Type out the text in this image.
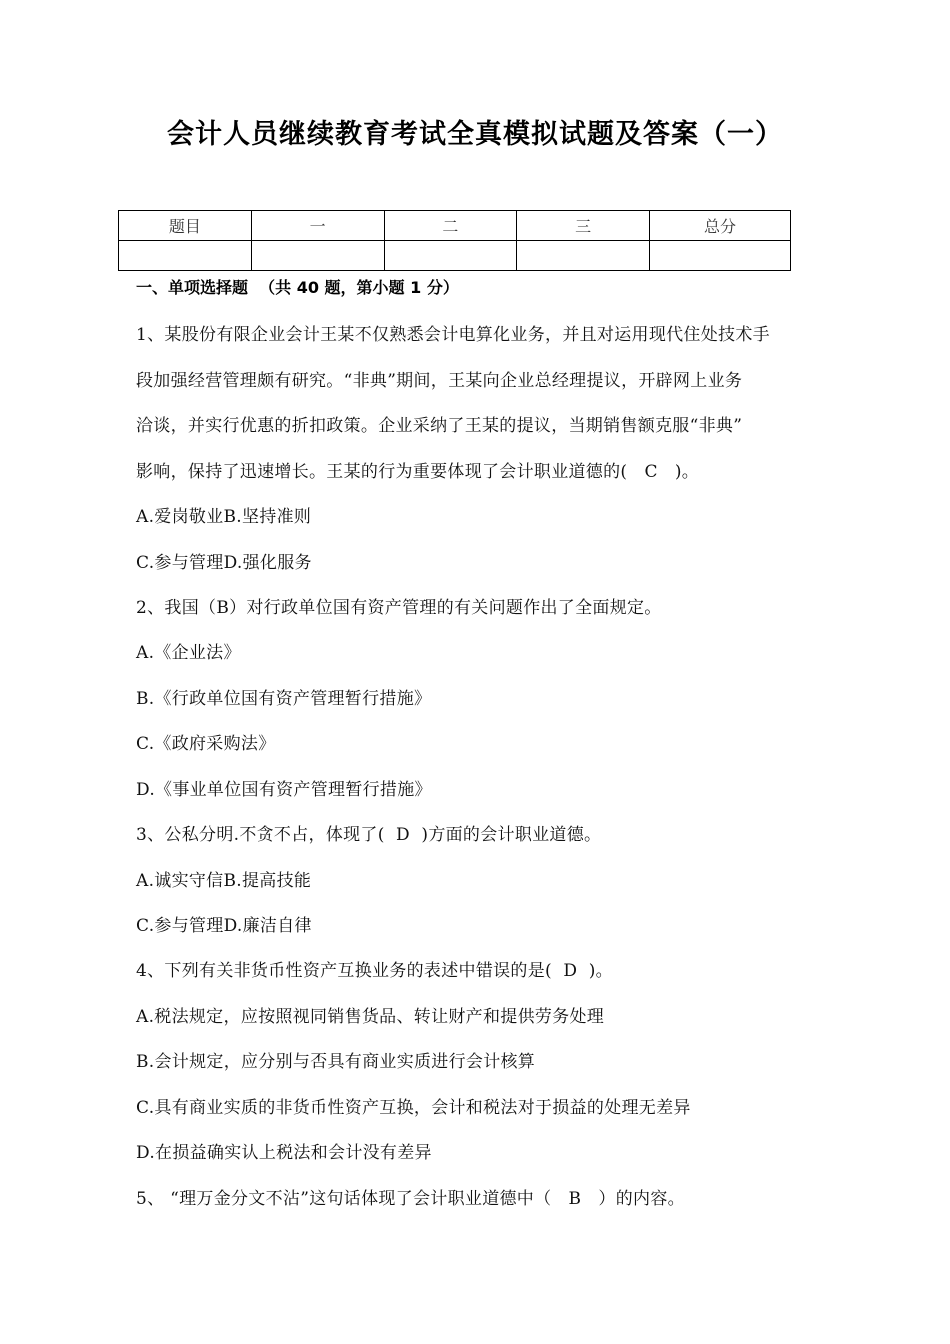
会计人员继续教育考试全真模拟试题及答案（一）
题目	一	二	三	总分

一、单项选择题  （共 40 题，第小题 1 分）
1、某股份有限企业会计王某不仅熟悉会计电算化业务，并且对运用现代住处技术手
段加强经营管理颇有研究。“非典”期间，王某向企业总经理提议，开辟网上业务
洽谈，并实行优惠的折扣政策。企业采纳了王某的提议，当期销售额克服“非典”
影响，保持了迅速增长。王某的行为重要体现了会计职业道德的(   C   )。
A.爱岗敬业B.坚持准则
C.参与管理D.强化服务
2、我国（B）对行政单位国有资产管理的有关问题作出了全面规定。
A.《企业法》
B.《行政单位国有资产管理暂行措施》
C.《政府采购法》
D.《事业单位国有资产管理暂行措施》
3、公私分明.不贪不占，体现了(  D  )方面的会计职业道德。
A.诚实守信B.提高技能
C.参与管理D.廉洁自律
4、下列有关非货币性资产互换业务的表述中错误的是(  D  )。
A.税法规定，应按照视同销售货品、转让财产和提供劳务处理
B.会计规定，应分别与否具有商业实质进行会计核算
C.具有商业实质的非货币性资产互换，会计和税法对于损益的处理无差异
D.在损益确实认上税法和会计没有差异
5、 “理万金分文不沾”这句话体现了会计职业道德中（   B   ）的内容。
